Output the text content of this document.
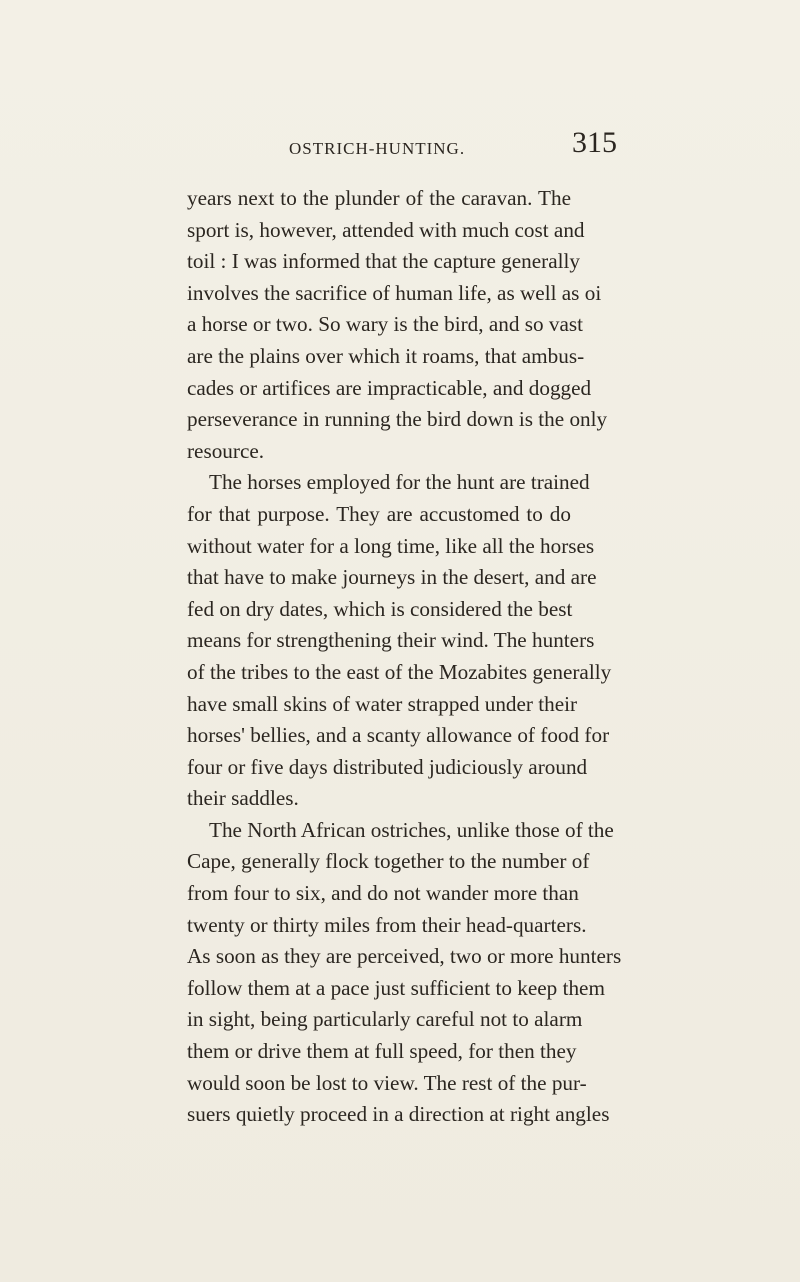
OSTRICH-HUNTING.	315
years next to the plunder of the caravan. The
sport is, however, attended with much cost and
toil : I was informed that the capture generally
involves the sacrifice of human life, as well as oi
a horse or two. So wary is the bird, and so vast
are the plains over which it roams, that ambus-
cades or artifices are impracticable, and dogged
perseverance in running the bird down is the only
resource.
The horses employed for the hunt are trained
for that purpose. They are accustomed to do
without water for a long time, like all the horses
that have to make journeys in the desert, and are
fed on dry dates, which is considered the best
means for strengthening their wind. The hunters
of the tribes to the east of the Mozabites generally
have small skins of water strapped under their
horses' bellies, and a scanty allowance of food for
four or five days distributed judiciously around
their saddles.
The North African ostriches, unlike those of the
Cape, generally flock together to the number of
from four to six, and do not wander more than
twenty or thirty miles from their head-quarters.
As soon as they are perceived, two or more hunters
follow them at a pace just sufficient to keep them
in sight, being particularly careful not to alarm
them or drive them at full speed, for then they
would soon be lost to view. The rest of the pur-
suers quietly proceed in a direction at right angles
